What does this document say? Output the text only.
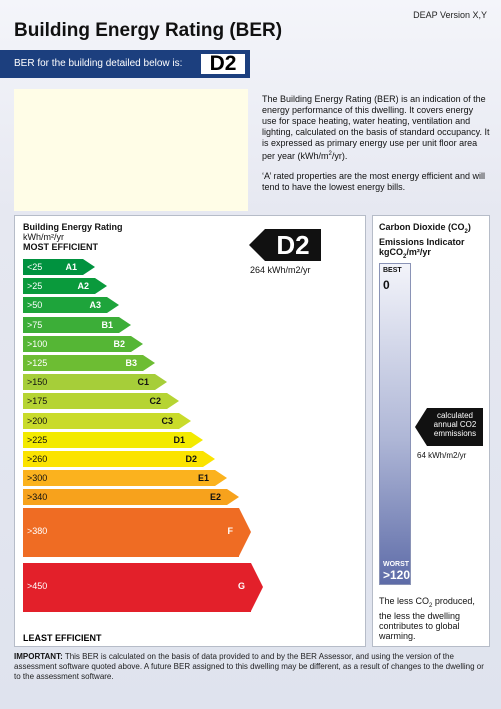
DEAP Version X,Y
Building Energy Rating (BER)
BER for the building detailed below is:	D2

The Building Energy Rating (BER) is an indication of the energy performance of this dwelling. It covers energy use for space heating, water heating, ventilation and lighting, calculated on the basis of standard occupancy. It is expressed as primary energy use per unit floor area per year $(kWh/m^2/yr)$.

‘A’ rated properties are the most energy efficient and will tend to have the lowest energy bills.

Building Energy Rating
kWh/m²/yr
MOST EFFICIENT
<25	A1
>25	A2
>50	A3
>75	B1
>100	B2
>125	B3
>150	C1
>175	C2
>200	C3
>225	D1
>260	D2
>300	E1
>340	E2
>380	F
>450	G
LEAST EFFICIENT
D2
264 kWh/m2/yr
Carbon Dioxide $(CO_2)$
Emissions Indicator
kgCO$_2$/m²/yr
BEST
0
WORST
>120
calculated annual CO2 emmissions
64 kWh/m2/yr
The less $CO_2$ produced, the less the dwelling contributes to global warming.
IMPORTANT: This BER is calculated on the basis of data provided to and by the BER Assessor, and using the version of the assessment software quoted above. A future BER assigned to this dwelling may be different, as a result of changes to the dwelling or to the assessment software.
